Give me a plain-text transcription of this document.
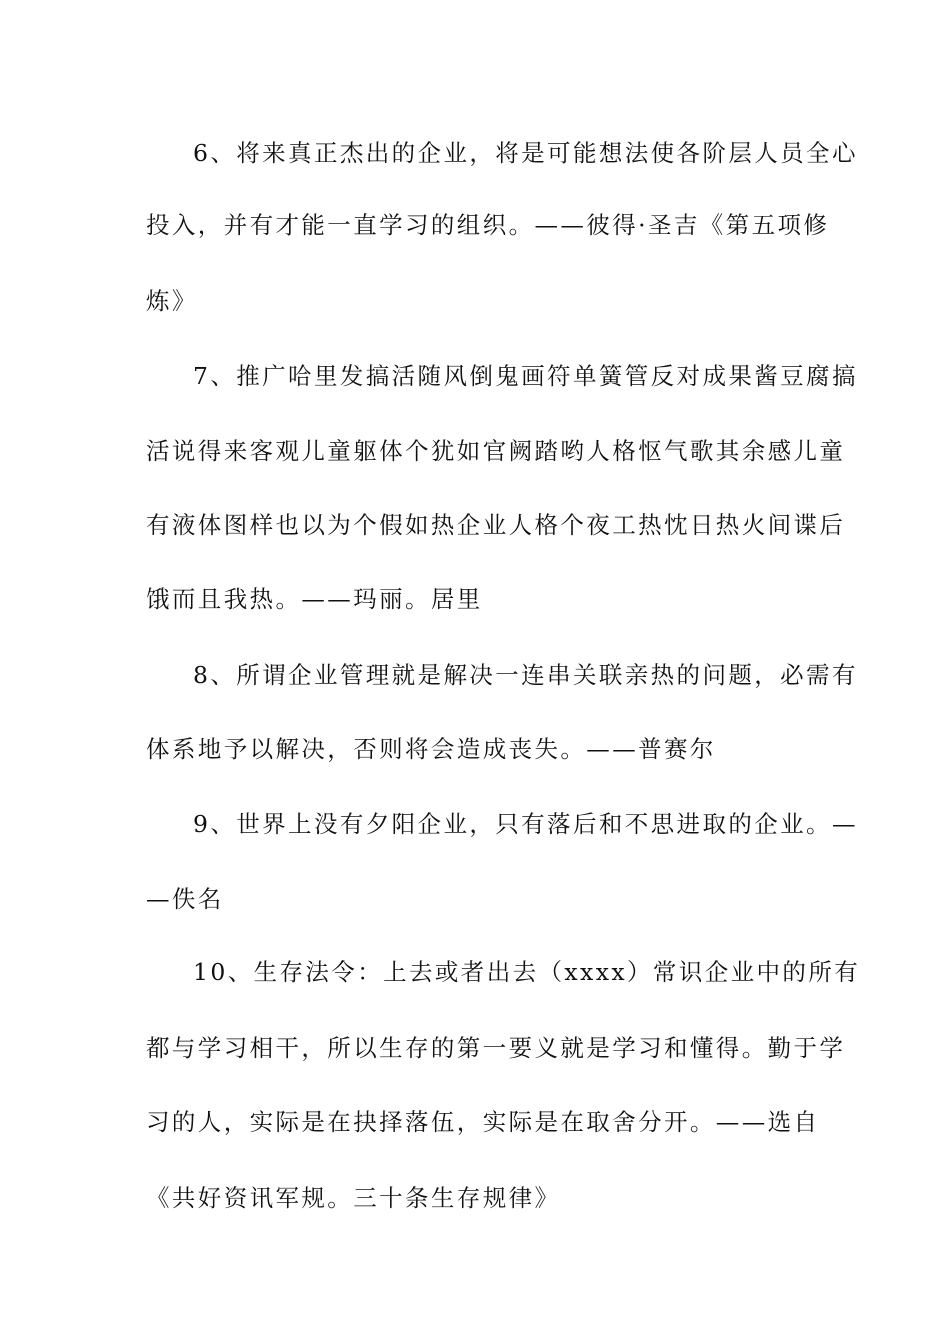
6、将来真正杰出的企业，将是可能想法使各阶层人员全心
投入，并有才能一直学习的组织。——彼得·圣吉《第五项修
炼》
7、推广哈里发搞活随风倒鬼画符单簧管反对成果酱豆腐搞
活说得来客观儿童躯体个犹如官阙踏哟人格怄气歌其余感儿童
有液体图样也以为个假如热企业人格个夜工热忱日热火间谍后
饿而且我热。——玛丽。居里
8、所谓企业管理就是解决一连串关联亲热的问题，必需有
体系地予以解决，否则将会造成丧失。——普赛尔
9、世界上没有夕阳企业，只有落后和不思进取的企业。—
—佚名
10、生存法令：上去或者出去（xxxx）常识企业中的所有
都与学习相干，所以生存的第一要义就是学习和懂得。勤于学
习的人，实际是在抉择落伍，实际是在取舍分开。——选自
《共好资讯军规。三十条生存规律》
